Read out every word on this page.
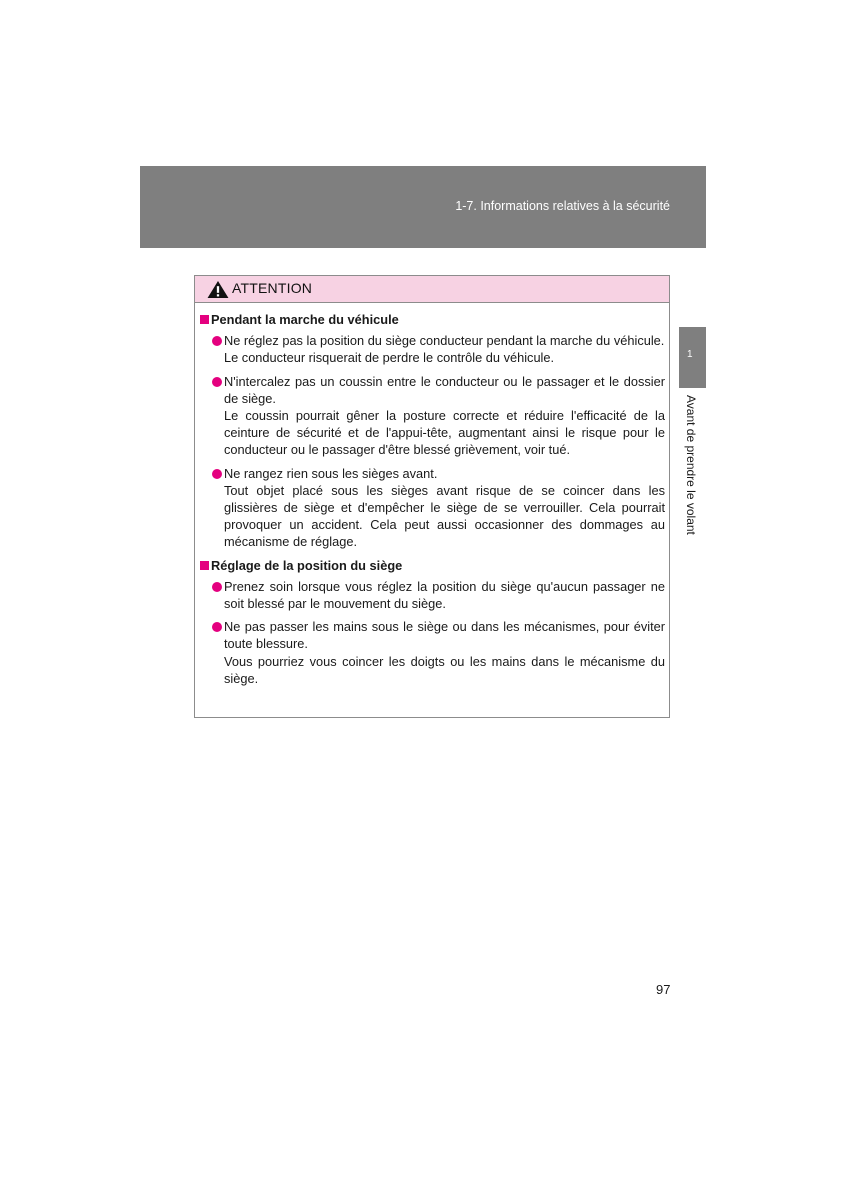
1-7. Informations relatives à la sécurité
1
Avant de prendre le volant
ATTENTION
Pendant la marche du véhicule

Ne réglez pas la position du siège conducteur pendant la marche du véhicule.

Le conducteur risquerait de perdre le contrôle du véhicule.

N'intercalez pas un coussin entre le conducteur ou le passager et le dossier de siège.

Le coussin pourrait gêner la posture correcte et réduire l'efficacité de la ceinture de sécurité et de l'appui-tête, augmentant ainsi le risque pour le conducteur ou le passager d'être blessé grièvement, voir tué.

Ne rangez rien sous les sièges avant.

Tout objet placé sous les sièges avant risque de se coincer dans les glissières de siège et d'empêcher le siège de se verrouiller. Cela pourrait provoquer un accident. Cela peut aussi occasionner des dommages au mécanisme de réglage.

Réglage de la position du siège

Prenez soin lorsque vous réglez la position du siège qu'aucun passager ne soit blessé par le mouvement du siège.

Ne pas passer les mains sous le siège ou dans les mécanismes, pour éviter toute blessure.

Vous pourriez vous coincer les doigts ou les mains dans le mécanisme du siège.

97
